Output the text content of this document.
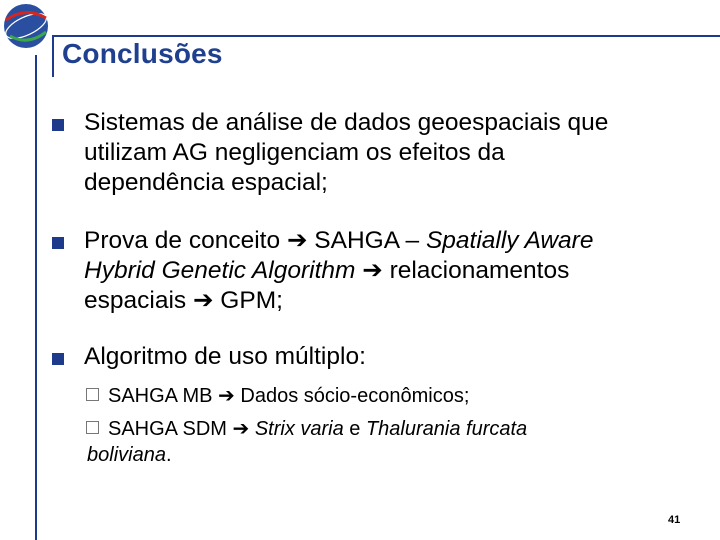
Conclusões
Sistemas de análise de dados geoespaciais que
utilizam AG negligenciam os efeitos da
dependência espacial;
Prova de conceito ➔ SAHGA – Spatially Aware
Hybrid Genetic Algorithm ➔ relacionamentos
espaciais ➔ GPM;
Algoritmo de uso múltiplo:
SAHGA MB ➔ Dados sócio-econômicos;
SAHGA SDM ➔ Strix varia e Thalurania furcata
boliviana.
41
